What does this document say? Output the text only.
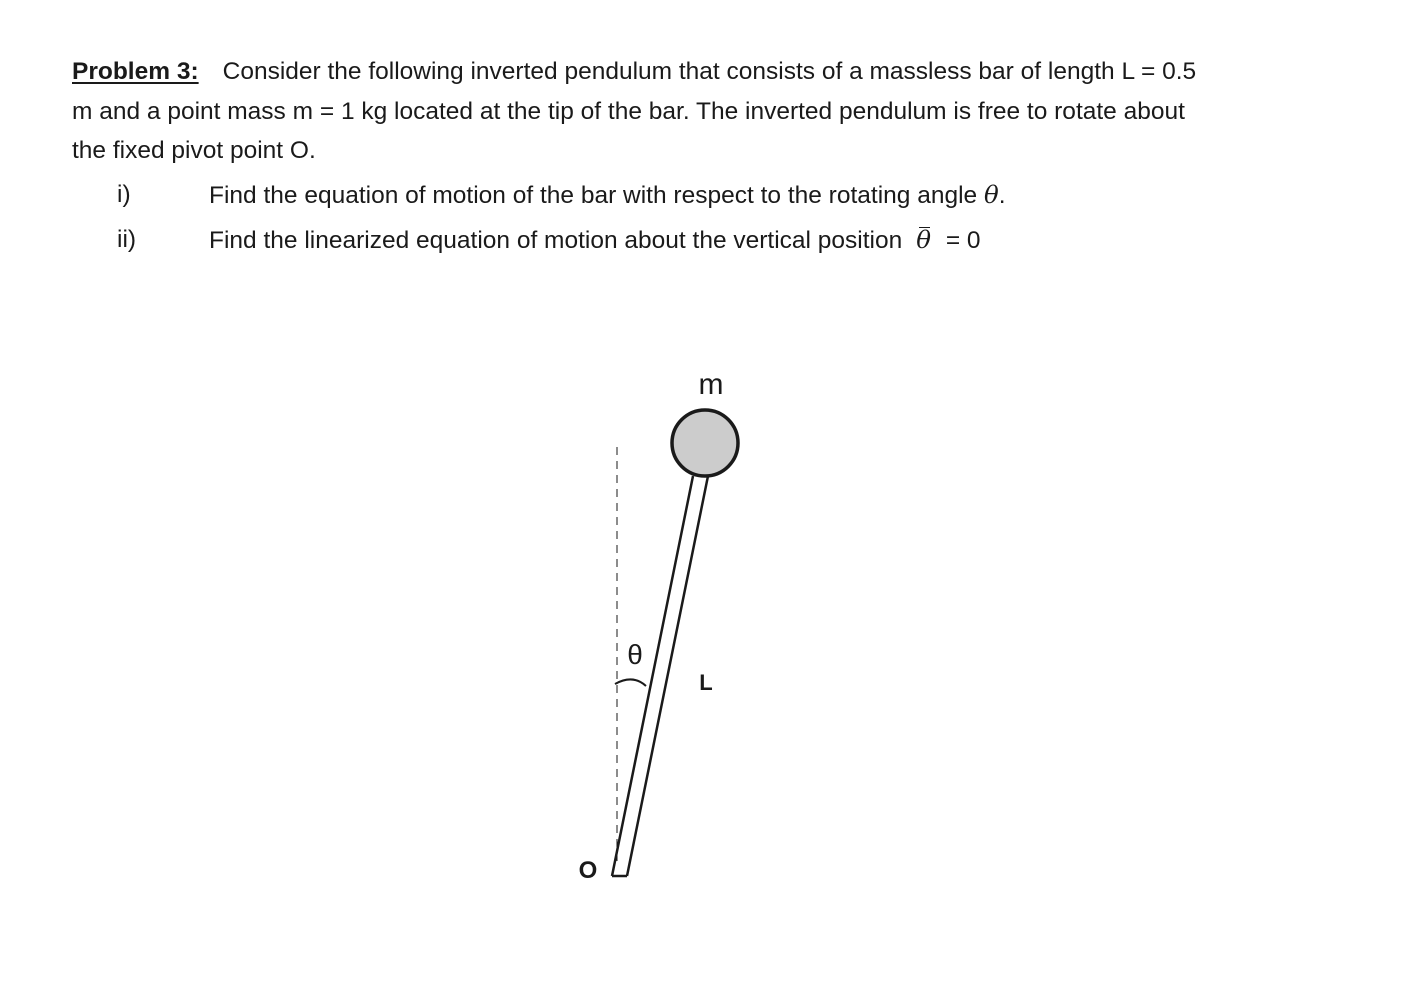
Problem 3: Consider the following inverted pendulum that consists of a massless bar of length L = 0.5
m and a point mass m = 1 kg located at the tip of the bar. The inverted pendulum is free to rotate about
the fixed pivot point O.
i)	Find the equation of motion of the bar with respect to the rotating angle θ.
ii)	Find the linearized equation of motion about the vertical position θ = 0
m
L
θ
O
